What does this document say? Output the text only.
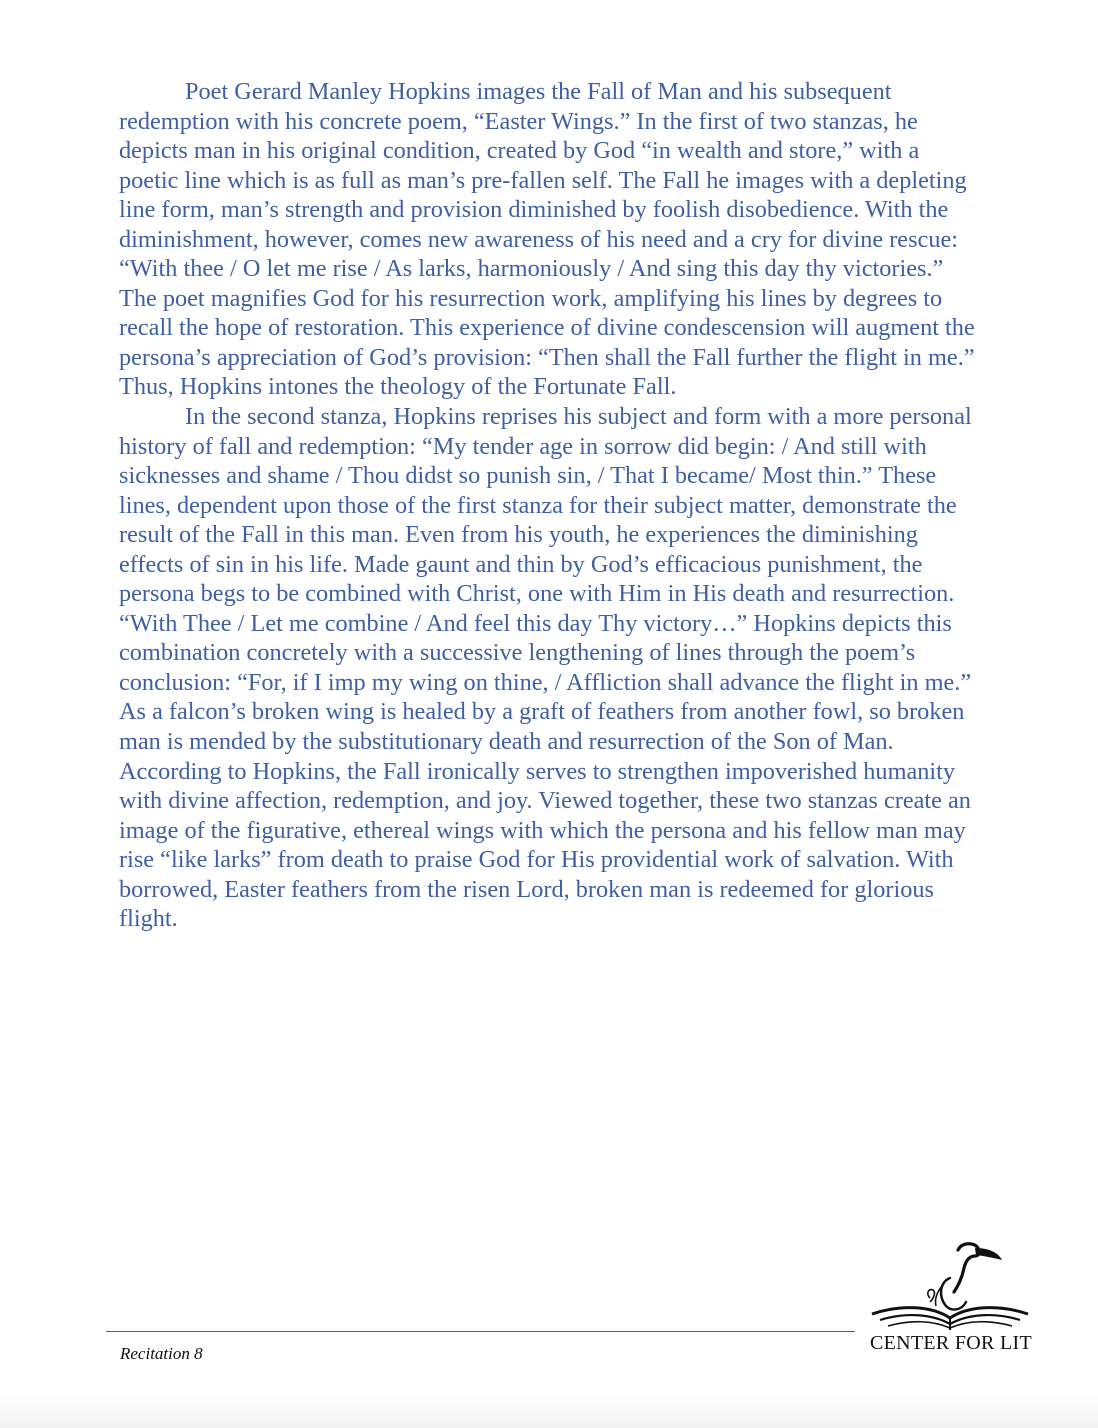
Poet Gerard Manley Hopkins images the Fall of Man and his subsequent redemption with his concrete poem, “Easter Wings.” In the first of two stanzas, he depicts man in his original condition, created by God “in wealth and store,” with a poetic line which is as full as man’s pre-fallen self. The Fall he images with a depleting line form, man’s strength and provision diminished by foolish disobedience. With the diminishment, however, comes new awareness of his need and a cry for divine rescue: “With thee / O let me rise / As larks, harmoniously / And sing this day thy victories.” The poet magnifies God for his resurrection work, amplifying his lines by degrees to recall the hope of restoration. This experience of divine condescension will augment the persona’s appreciation of God’s provision: “Then shall the Fall further the flight in me.” Thus, Hopkins intones the theology of the Fortunate Fall.

In the second stanza, Hopkins reprises his subject and form with a more personal history of fall and redemption: “My tender age in sorrow did begin: / And still with sicknesses and shame / Thou didst so punish sin, / That I became/ Most thin.” These lines, dependent upon those of the first stanza for their subject matter, demonstrate the result of the Fall in this man. Even from his youth, he experiences the diminishing effects of sin in his life. Made gaunt and thin by God’s efficacious punishment, the persona begs to be combined with Christ, one with Him in His death and resurrection. “With Thee / Let me combine / And feel this day Thy victory…” Hopkins depicts this combination concretely with a successive lengthening of lines through the poem’s conclusion: “For, if I imp my wing on thine, / Affliction shall advance the flight in me.” As a falcon’s broken wing is healed by a graft of feathers from another fowl, so broken man is mended by the substitutionary death and resurrection of the Son of Man. According to Hopkins, the Fall ironically serves to strengthen impoverished humanity with divine affection, redemption, and joy. Viewed together, these two stanzas create an image of the figurative, ethereal wings with which the persona and his fellow man may rise “like larks” from death to praise God for His providential work of salvation. With borrowed, Easter feathers from the risen Lord, broken man is redeemed for glorious flight.

Recitation 8	CENTER FOR LIT
